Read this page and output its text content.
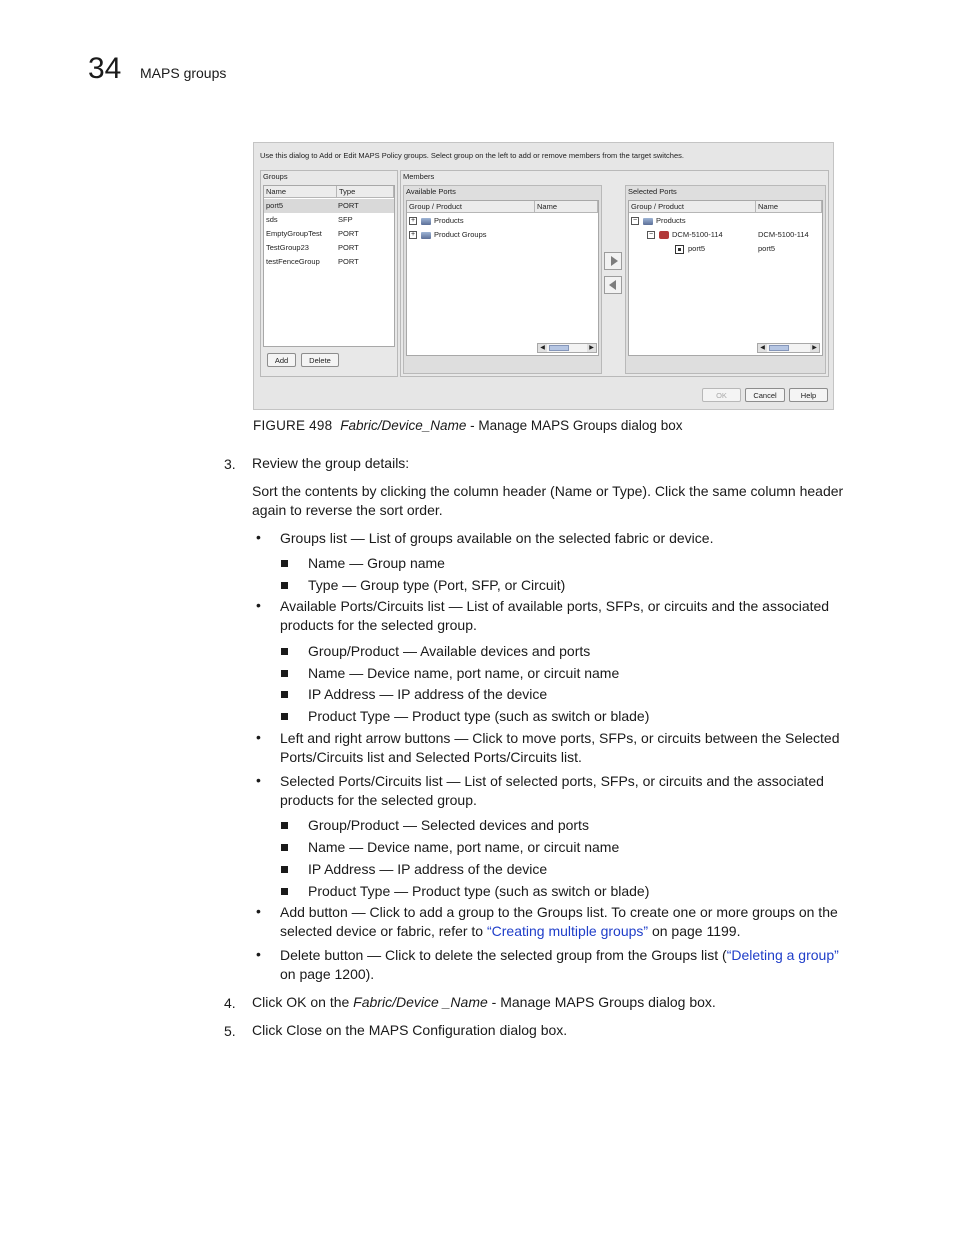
34 MAPS groups
Use this dialog to Add or Edit MAPS Policy groups. Select group on the left to add or remove members from the target switches.
Groups
Name	Type
port5	PORT
sds	SFP
EmptyGroupTest PORT
TestGroup23	PORT
testFenceGroup PORT
Add	Delete
Members
Available Ports
Group / Product	Name
+	Products
+	Product Groups
◀	▶
Selected Ports
Group / Product	Name
−	Products
−	DCM-5100-114	DCM-5100-114
port5	port5
◀	▶
OK	Cancel	Help
FIGURE 498 Fabric/Device_Name - Manage MAPS Groups dialog box
3. Review the group details:
Sort the contents by clicking the column header (Name or Type). Click the same column header
again to reverse the sort order.
• Groups list — List of groups available on the selected fabric or device.
Name — Group name
Type — Group type (Port, SFP, or Circuit)
• Available Ports/Circuits list — List of available ports, SFPs, or circuits and the associated
products for the selected group.
Group/Product — Available devices and ports
Name — Device name, port name, or circuit name
IP Address — IP address of the device
Product Type — Product type (such as switch or blade)
• Left and right arrow buttons — Click to move ports, SFPs, or circuits between the Selected
Ports/Circuits list and Selected Ports/Circuits list.
• Selected Ports/Circuits list — List of selected ports, SFPs, or circuits and the associated
products for the selected group.
Group/Product — Selected devices and ports
Name — Device name, port name, or circuit name
IP Address — IP address of the device
Product Type — Product type (such as switch or blade)
• Add button — Click to add a group to the Groups list. To create one or more groups on the
selected device or fabric, refer to “Creating multiple groups” on page 1199.
• Delete button — Click to delete the selected group from the Groups list (“Deleting a group”
on page 1200).
4. Click OK on the Fabric/Device _Name - Manage MAPS Groups dialog box.
5. Click Close on the MAPS Configuration dialog box.
